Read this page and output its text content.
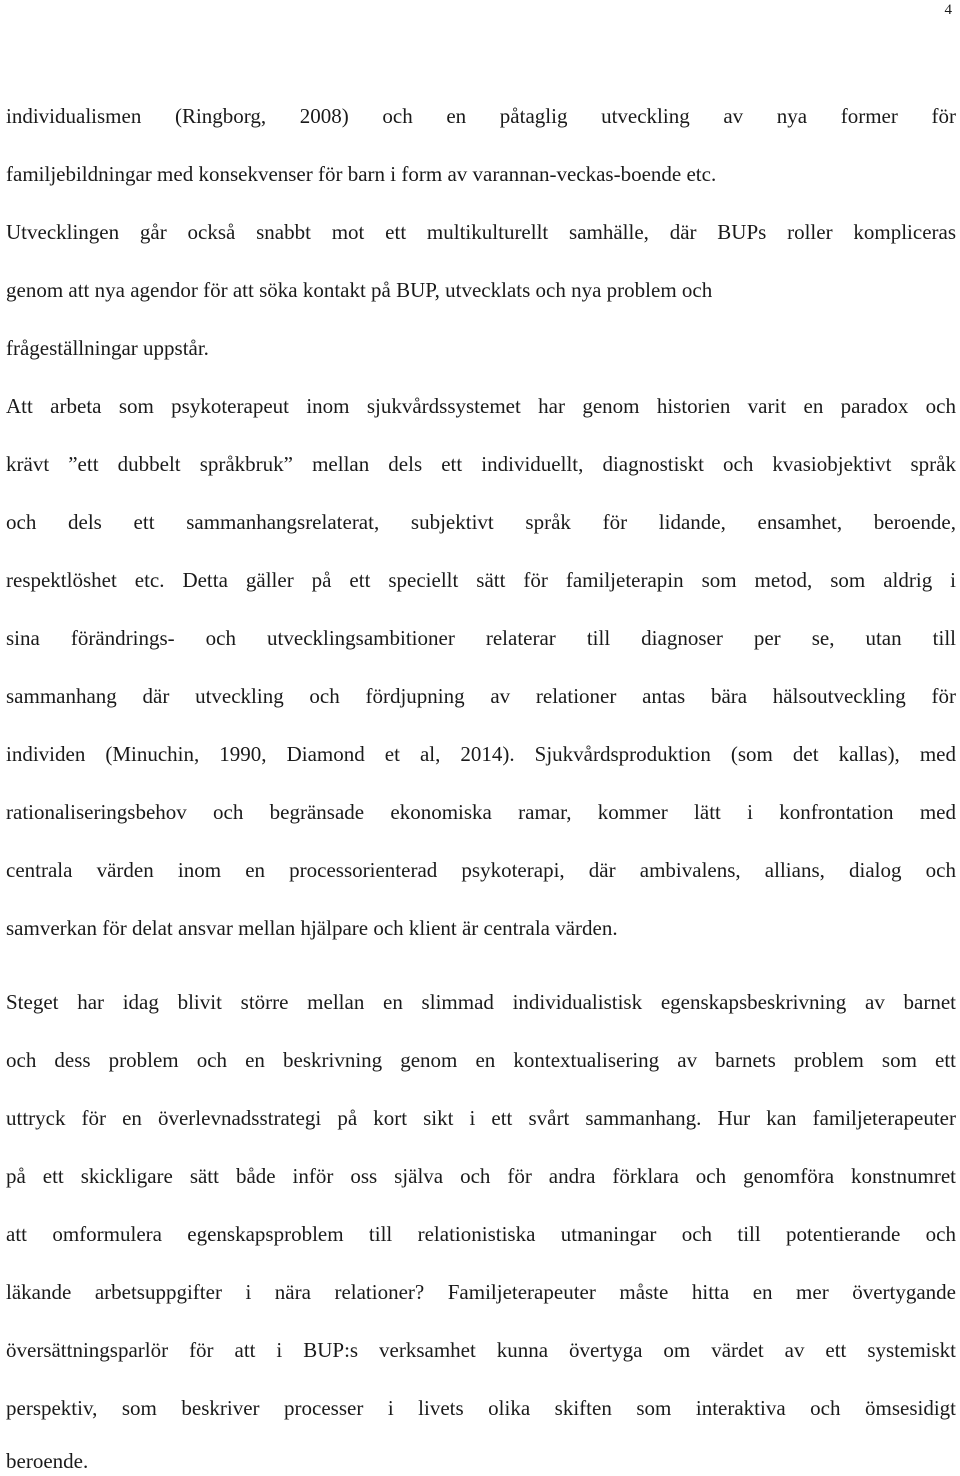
4
individualismen (Ringborg, 2008) och en påtaglig utveckling av nya former för
familjebildningar med konsekvenser för barn i form av varannan-veckas-boende etc.
Utvecklingen går också snabbt mot ett multikulturellt samhälle, där BUPs roller kompliceras
genom att nya agendor för att söka kontakt på BUP, utvecklats och nya problem och
frågeställningar uppstår.
Att arbeta som psykoterapeut inom sjukvårdssystemet har genom historien varit en paradox och
krävt ”ett dubbelt språkbruk” mellan dels ett individuellt, diagnostiskt och kvasiobjektivt språk
och dels ett sammanhangsrelaterat, subjektivt språk för lidande, ensamhet, beroende,
respektlöshet etc. Detta gäller på ett speciellt sätt för familjeterapin som metod, som aldrig i
sina förändrings- och utvecklingsambitioner relaterar till diagnoser per se, utan till
sammanhang där utveckling och fördjupning av relationer antas bära hälsoutveckling för
individen (Minuchin, 1990, Diamond et al, 2014). Sjukvårdsproduktion (som det kallas), med
rationaliseringsbehov och begränsade ekonomiska ramar, kommer lätt i konfrontation med
centrala värden inom en processorienterad psykoterapi, där ambivalens, allians, dialog och
samverkan för delat ansvar mellan hjälpare och klient är centrala värden.
Steget har idag blivit större mellan en slimmad individualistisk egenskapsbeskrivning av barnet
och dess problem och en beskrivning genom en kontextualisering av barnets problem som ett
uttryck för en överlevnadsstrategi på kort sikt i ett svårt sammanhang. Hur kan familjeterapeuter
på ett skickligare sätt både inför oss själva och för andra förklara och genomföra konstnumret
att omformulera egenskapsproblem till relationistiska utmaningar och till potentierande och
läkande arbetsuppgifter i nära relationer? Familjeterapeuter måste hitta en mer övertygande
översättningsparlör för att i BUP:s verksamhet kunna övertyga om värdet av ett systemiskt
perspektiv, som beskriver processer i livets olika skiften som interaktiva och ömsesidigt
beroende.
